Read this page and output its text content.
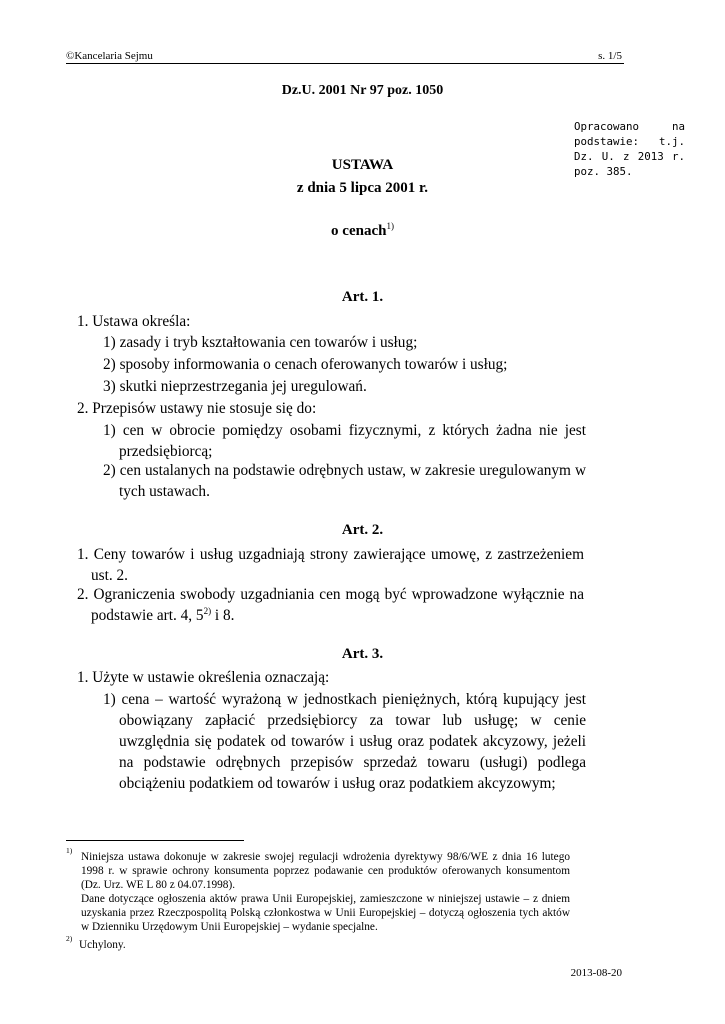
©Kancelaria Sejmu	s. 1/5
Dz.U. 2001 Nr 97 poz. 1050
Opracowano na podstawie: t.j. Dz. U. z 2013 r. poz. 385.
USTAWA
z dnia 5 lipca 2001 r.
o cenach$^{1)}$
Art. 1.
1. Ustawa określa:
1) zasady i tryb kształtowania cen towarów i usług;
2) sposoby informowania o cenach oferowanych towarów i usług;
3) skutki nieprzestrzegania jej uregulowań.
2. Przepisów ustawy nie stosuje się do:
1) cen w obrocie pomiędzy osobami fizycznymi, z których żadna nie jest przedsiębiorcą;
2) cen ustalanych na podstawie odrębnych ustaw, w zakresie uregulowanym w tych ustawach.
Art. 2.
1. Ceny towarów i usług uzgadniają strony zawierające umowę, z zastrzeżeniem ust. 2.
2. Ograniczenia swobody uzgadniania cen mogą być wprowadzone wyłącznie na podstawie art. 4, 5$^{2)}$ i 8.
Art. 3.
1. Użyte w ustawie określenia oznaczają:
1) cena – wartość wyrażoną w jednostkach pieniężnych, którą kupujący jest obowiązany zapłacić przedsiębiorcy za towar lub usługę; w cenie uwzględnia się podatek od towarów i usług oraz podatek akcyzowy, jeżeli na podstawie odrębnych przepisów sprzedaż towaru (usługi) podlega obciążeniu podatkiem od towarów i usług oraz podatkiem akcyzowym;
$^{1)}$
Niniejsza ustawa dokonuje w zakresie swojej regulacji wdrożenia dyrektywy 98/6/WE z dnia 16 lutego 1998 r. w sprawie ochrony konsumenta poprzez podawanie cen produktów oferowanych konsumentom (Dz. Urz. WE L 80 z 04.07.1998).
Dane dotyczące ogłoszenia aktów prawa Unii Europejskiej, zamieszczone w niniejszej ustawie – z dniem uzyskania przez Rzeczpospolitą Polską członkostwa w Unii Europejskiej – dotyczą ogłoszenia tych aktów w Dzienniku Urzędowym Unii Europejskiej – wydanie specjalne.
$^{2)}$
Uchylony.
2013-08-20
